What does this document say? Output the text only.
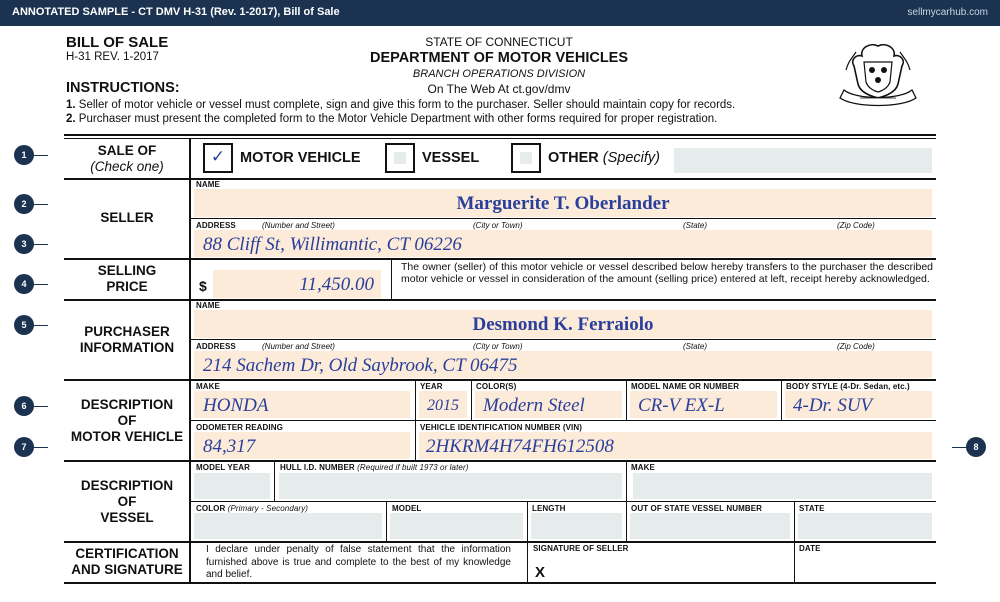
ANNOTATED SAMPLE - CT DMV H-31 (Rev. 1-2017), Bill of Sale	sellmycarhub.com
BILL OF SALE
H-31 REV. 1-2017
STATE OF CONNECTICUT
DEPARTMENT OF MOTOR VEHICLES
BRANCH OPERATIONS DIVISION
On The Web At ct.gov/dmv
INSTRUCTIONS:
1. Seller of motor vehicle or vessel must complete, sign and give this form to the purchaser. Seller should maintain copy for records.
2. Purchaser must present the completed form to the Motor Vehicle Department with other forms required for proper registration.
1
2
3
4
5
6
7	8
SALE OF
(Check one)
✓	MOTOR VEHICLE	VESSEL	OTHER (Specify)
SELLER
NAME
Marguerite T. Oberlander
ADDRESS	(Number and Street)	(City or Town)	(State)	(Zip Code)
88 Cliff St, Willimantic, CT 06226
SELLING
PRICE	$	11,450.00
The owner (seller) of this motor vehicle or vessel described below hereby transfers to the purchaser the described motor vehicle or vessel in consideration of the amount (selling price) entered at left, receipt hereby acknowledged.
PURCHASER
INFORMATION
NAME
Desmond K. Ferraiolo
ADDRESS	(Number and Street)	(City or Town)	(State)	(Zip Code)
214 Sachem Dr, Old Saybrook, CT 06475
DESCRIPTION
OF
MOTOR VEHICLE
MAKE
HONDA
YEAR
2015
COLOR(S)
Modern Steel
MODEL NAME OR NUMBER
CR-V EX-L
BODY STYLE (4-Dr. Sedan, etc.)
4-Dr. SUV
ODOMETER READING
84,317
VEHICLE IDENTIFICATION NUMBER (VIN)
2HKRM4H74FH612508
DESCRIPTION
OF
VESSEL
MODEL YEAR	HULL I.D. NUMBER (Required if built 1973 or later)	MAKE
COLOR (Primary - Secondary)	MODEL	LENGTH	OUT OF STATE VESSEL NUMBER	STATE
CERTIFICATION
AND SIGNATURE
I declare under penalty of false statement that the information furnished above is true and complete to the best of my knowledge and belief.
SIGNATURE OF SELLER
X
DATE
